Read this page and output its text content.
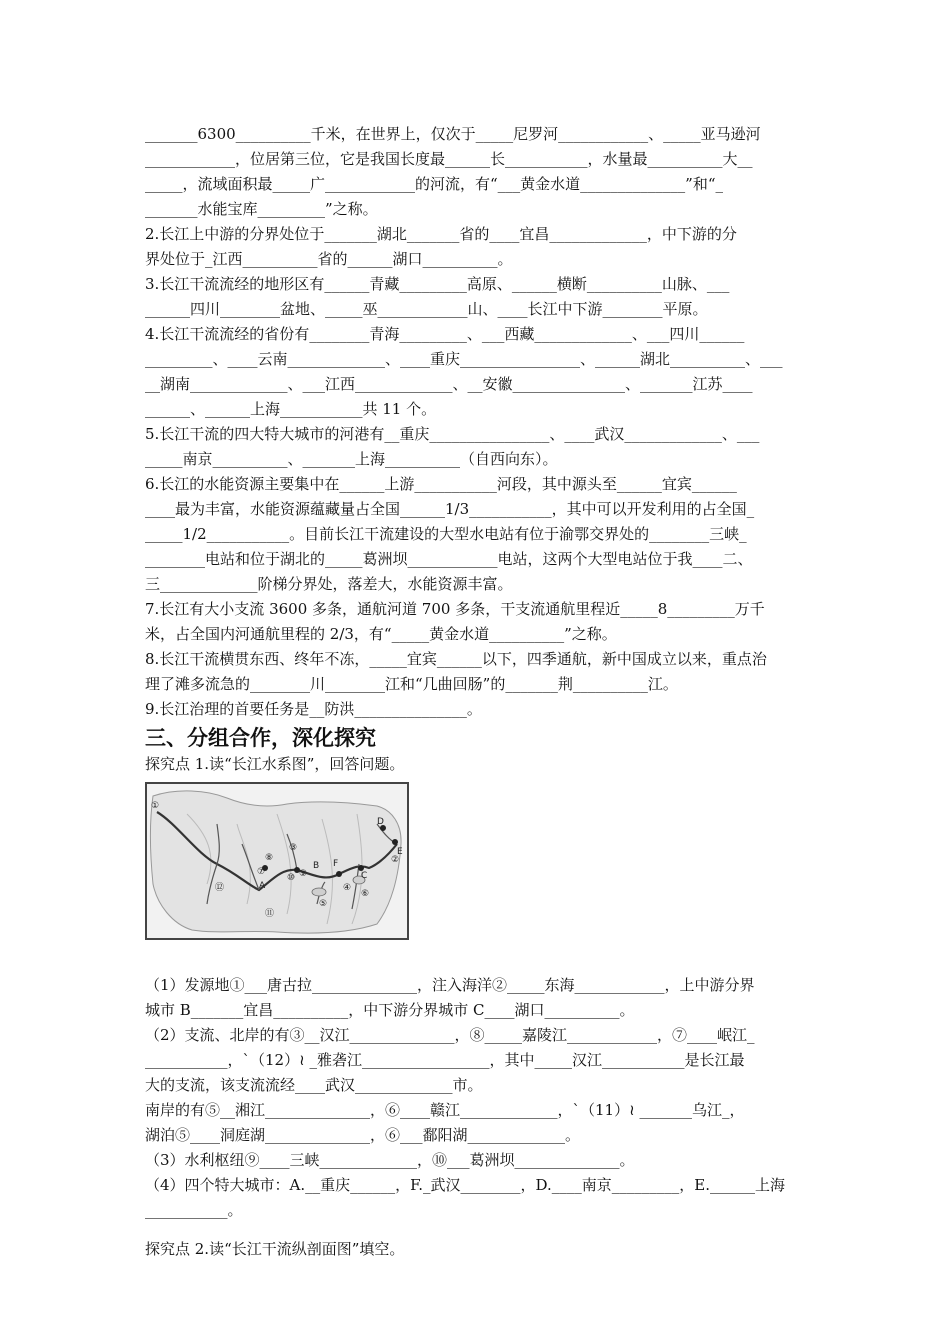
_______6300__________千米，在世界上，仅次于_____尼罗河____________、_____亚马逊河
____________，位居第三位，它是我国长度最______长___________，水量最__________大__
_____，流域面积最_____广____________的河流，有“___黄金水道______________”和“_
_______水能宝库_________”之称。
2.长江上中游的分界处位于_______湖北_______省的____宜昌_____________，中下游的分
界处位于_江西__________省的______湖口__________。
3.长江干流流经的地形区有______青藏_________高原、______横断__________山脉、___
______四川________盆地、_____巫____________山、____长江中下游________平原。
4.长江干流流经的省份有________青海_________、___西藏_____________、___四川______
_________、____云南_____________、____重庆________________、______湖北__________、___
__湖南_____________、___江西_____________、__安徽_______________、_______江苏____
______、______上海___________共 11 个。
5.长江干流的四大特大城市的河港有__重庆________________、____武汉_____________、___
_____南京__________、_______上海__________（自西向东）。
6.长江的水能资源主要集中在______上游___________河段，其中源头至______宜宾______
____最为丰富，水能资源蕴藏量占全国______1/3___________，其中可以开发利用的占全国_
_____1/2___________。目前长江干流建设的大型水电站有位于渝鄂交界处的________三峡_
________电站和位于湖北的_____葛洲坝____________电站，这两个大型电站位于我____二、
三_____________阶梯分界处，落差大，水能资源丰富。
7.长江有大小支流 3600 多条，通航河道 700 多条，干支流通航里程近_____8_________万千
米，占全国内河通航里程的 2/3，有“_____黄金水道__________”之称。
8.长江干流横贯东西、终年不冻，_____宜宾______以下，四季通航，新中国成立以来，重点治
理了滩多流急的________川________江和“几曲回肠”的_______荆__________江。
9.长江治理的首要任务是__防洪_______________。
三、分组合作，深化探究
探究点 1.读“长江水系图”，回答问题。
①
②
③
④
⑤
⑥
⑦
⑧
⑨
⑩
⑪
⑫	A
B
C
D
E
F
（1）发源地①___唐古拉______________，注入海洋②_____东海____________，上中游分界
城市 B_______宜昌__________，中下游分界城市 C____湖口__________。
（2）支流、北岸的有③__汉江______________，⑧_____嘉陵江____________，⑦____岷江_
___________，`（12）≀ _雅砻江_________________，其中_____汉江___________是长江最
大的支流，该支流流经____武汉_____________市。
南岸的有⑤__湘江______________，⑥____赣江_____________，`（11）≀ _______乌江_，
湖泊⑤____洞庭湖______________，⑥___鄱阳湖_____________。
（3）水利枢纽⑨____三峡_____________，⑩___葛洲坝______________。
（4）四个特大城市：A.__重庆______，F._武汉________，D.____南京_________，E.______上海
___________。
探究点 2.读“长江干流纵剖面图”填空。
